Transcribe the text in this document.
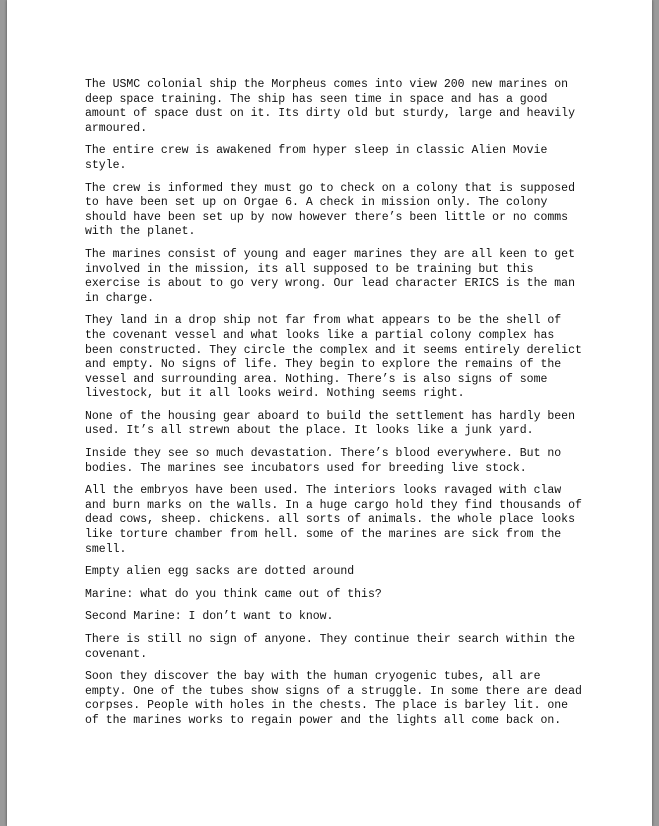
The USMC colonial ship the Morpheus comes into view 200 new marines on deep space training. The ship has seen time in space and has a good amount of space dust on it. Its dirty old but sturdy, large and heavily armoured.

The entire crew is awakened from hyper sleep in classic Alien Movie style.

The crew is informed they must go to check on a colony that is supposed to have been set up on Orgae 6. A check in mission only. The colony should have been set up by now however there’s been little or no comms with the planet.

The marines consist of young and eager marines they are all keen to get involved in the mission, its all supposed to be training but this exercise is about to go very wrong. Our lead character ERICS is the man in charge.

They land in a drop ship not far from what appears to be the shell of the covenant vessel and what looks like a partial colony complex has been constructed. They circle the complex and it seems entirely derelict and empty. No signs of life. They begin to explore the remains of the vessel and surrounding area. Nothing. There’s is also signs of some livestock, but it all looks weird. Nothing seems right.

None of the housing gear aboard to build the settlement has hardly been used. It’s all strewn about the place. It looks like a junk yard.

Inside they see so much devastation. There’s blood everywhere. But no bodies. The marines see incubators used for breeding live stock.

All the embryos have been used. The interiors looks ravaged with claw and burn marks on the walls. In a huge cargo hold they find thousands of dead cows, sheep. chickens. all sorts of animals. the whole place looks like torture chamber from hell. some of the marines are sick from the smell.

Empty alien egg sacks are dotted around

Marine: what do you think came out of this?

Second Marine: I don’t want to know.

There is still no sign of anyone. They continue their search within the covenant.

Soon they discover the bay with the human cryogenic tubes, all are empty. One of the tubes show signs of a struggle. In some there are dead corpses. People with holes in the chests. The place is barley lit. one of the marines works to regain power and the lights all come back on.
